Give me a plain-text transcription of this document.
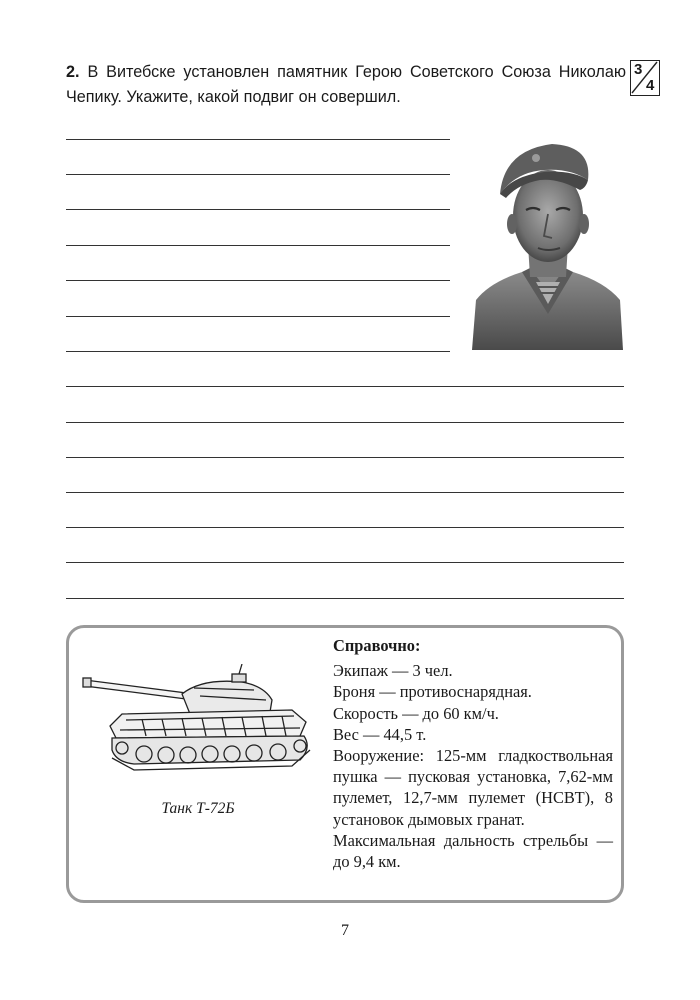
2. В Витебске установлен памятник Герою Советского Союза Николаю Чепику. Укажите, какой подвиг он совершил.
3
4
Танк Т-72Б
Справочно:
Экипаж — 3 чел.
Броня — противоснарядная.
Скорость — до 60 км/ч.
Вес — 44,5 т.
Вооружение: 125-мм гладкоствольная пушка — пусковая установка, 7,62-мм пулемет, 12,7-мм пулемет (НСВТ), 8 установок дымовых гранат.
Максимальная дальность стрельбы — до 9,4 км.
7
